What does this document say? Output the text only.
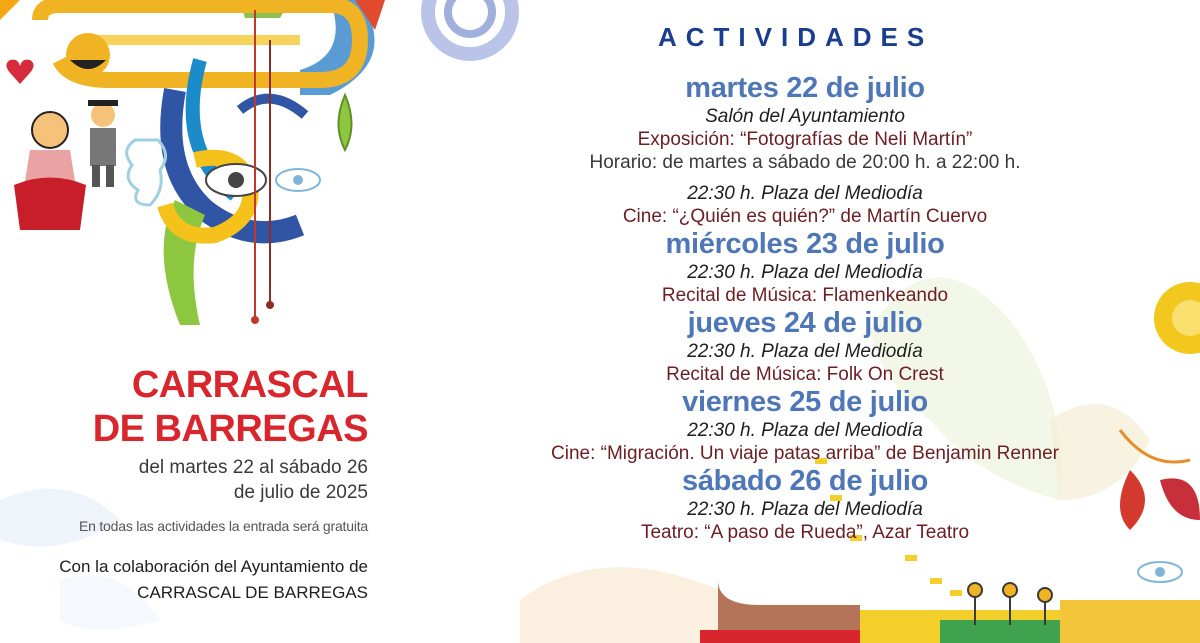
CARRASCAL
DE BARREGAS
del martes 22 al sábado 26
de julio de 2025
En todas las actividades la entrada será gratuita
Con la colaboración del Ayuntamiento de
CARRASCAL DE BARREGAS
ACTIVIDADES
martes 22 de julio
Salón del Ayuntamiento
Exposición: “Fotografías de Neli Martín”
Horario: de martes a sábado de 20:00 h. a 22:00 h.
22:30 h. Plaza del Mediodía
Cine: “¿Quién es quién?” de Martín Cuervo
miércoles 23 de julio
22:30 h. Plaza del Mediodía
Recital de Música: Flamenkeando
jueves 24 de julio
22:30 h. Plaza del Mediodía
Recital de Música: Folk On Crest
viernes 25 de julio
22:30 h. Plaza del Mediodía
Cine: “Migración. Un viaje patas arriba” de Benjamin Renner
sábado 26 de julio
22:30 h. Plaza del Mediodía
Teatro: “A paso de Rueda”, Azar Teatro
